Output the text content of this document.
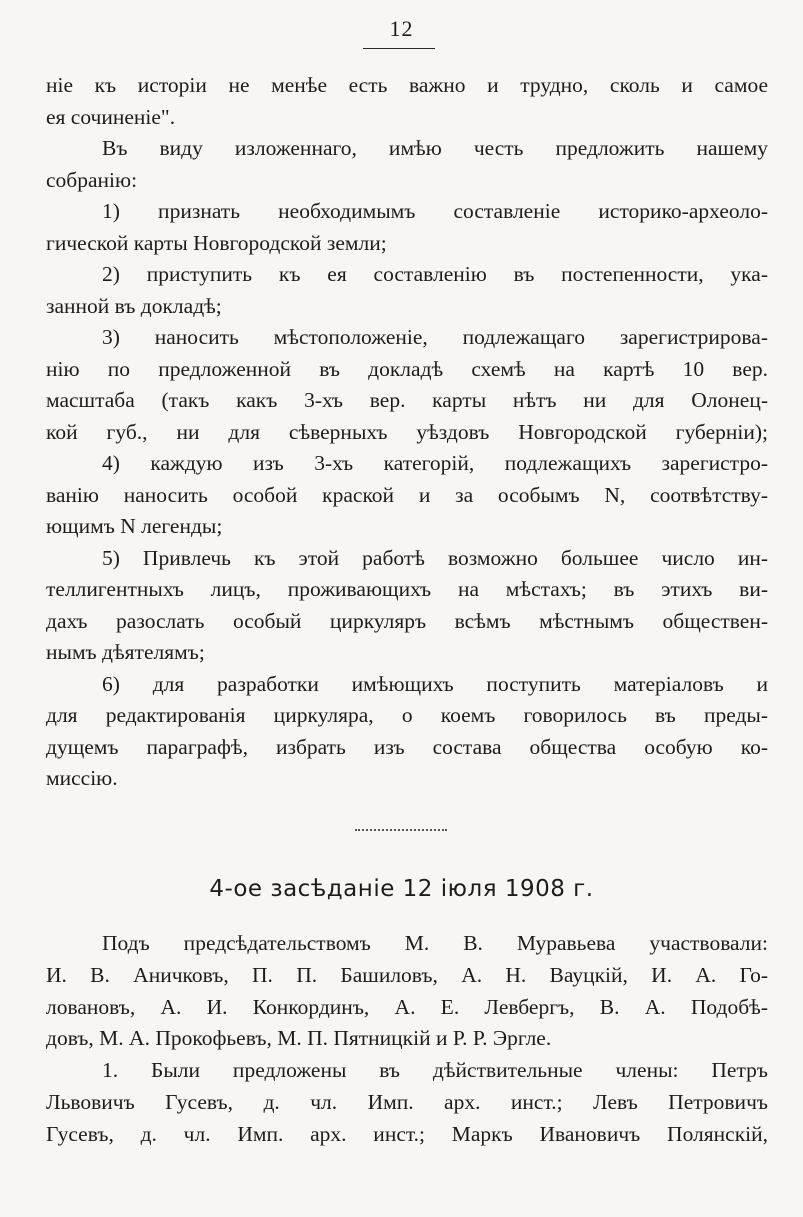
12
ніе къ исторіи не менѣе есть важно и трудно, сколь и самое
ея сочиненіе".
Въ виду изложеннаго, имѣю честь предложить нашему
собранію:
1) признать необходимымъ составленіе историко-археоло-
гической карты Новгородской земли;
2) приступить къ ея составленію въ постепенности, ука-
занной въ докладѣ;
3) наносить мѣстоположеніе, подлежащаго зарегистрирова-
нію по предложенной въ докладѣ схемѣ на картѣ 10 вер.
масштаба (такъ какъ 3-хъ вер. карты нѣтъ ни для Олонец-
кой губ., ни для сѣверныхъ уѣздовъ Новгородской губерніи);
4) каждую изъ 3-хъ категорій, подлежащихъ зарегистро-
ванію наносить особой краской и за особымъ N, соотвѣтству-
ющимъ N легенды;
5) Привлечь къ этой работѣ возможно большее число ин-
теллигентныхъ лицъ, проживающихъ на мѣстахъ; въ этихъ ви-
дахъ разослать особый циркуляръ всѣмъ мѣстнымъ обществен-
нымъ дѣятелямъ;
6) для разработки имѣющихъ поступить матеріаловъ и
для редактированія циркуляра, о коемъ говорилось въ преды-
дущемъ параграфѣ, избрать изъ состава общества особую ко-
миссію.
4-ое засѣданіе 12 іюля 1908 г.
Подъ предсѣдательствомъ М. В. Муравьева участвовали:
И. В. Аничковъ, П. П. Башиловъ, А. Н. Вауцкій, И. А. Го-
ловановъ, А. И. Конкординъ, А. Е. Левбергъ, В. А. Подобѣ-
довъ, М. А. Прокофьевъ, М. П. Пятницкій и Р. Р. Эргле.
1. Были предложены въ дѣйствительные члены: Петръ
Львовичъ Гусевъ, д. чл. Имп. арх. инст.; Левъ Петровичъ
Гусевъ, д. чл. Имп. арх. инст.; Маркъ Ивановичъ Полянскій,
